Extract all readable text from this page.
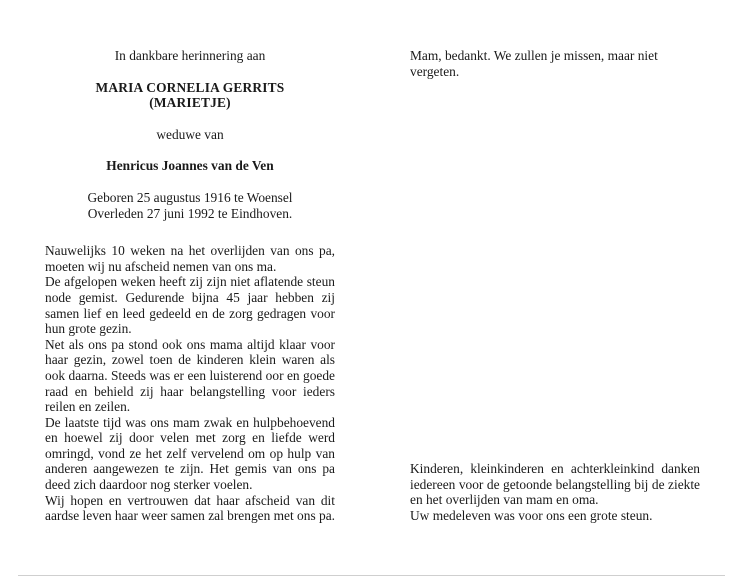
In dankbare herinnering aan

MARIA CORNELIA GERRITS

(MARIETJE)

weduwe van

Henricus Joannes van de Ven

Geboren 25 augustus 1916 te Woensel
Overleden 27 juni 1992 te Eindhoven.

Nauwelijks 10 weken na het overlijden van ons pa, moeten wij nu afscheid nemen van ons ma.

De afgelopen weken heeft zij zijn niet aflatende steun node gemist. Gedurende bijna 45 jaar hebben zij samen lief en leed gedeeld en de zorg gedragen voor hun grote gezin.

Net als ons pa stond ook ons mama altijd klaar voor haar gezin, zowel toen de kinderen klein waren als ook daarna. Steeds was er een luisterend oor en goede raad en behield zij haar belangstelling voor ieders reilen en zeilen.

De laatste tijd was ons mam zwak en hulpbehoevend en hoewel zij door velen met zorg en liefde werd omringd, vond ze het zelf vervelend om op hulp van anderen aangewezen te zijn. Het gemis van ons pa deed zich daardoor nog sterker voelen.

Wij hopen en vertrouwen dat haar afscheid van dit aardse leven haar weer samen zal brengen met ons pa.

Mam, bedankt. We zullen je missen, maar niet vergeten.

Kinderen, kleinkinderen en achterkleinkind danken iedereen voor de getoonde belangstelling bij de ziekte en het overlijden van mam en oma.

Uw medeleven was voor ons een grote steun.
